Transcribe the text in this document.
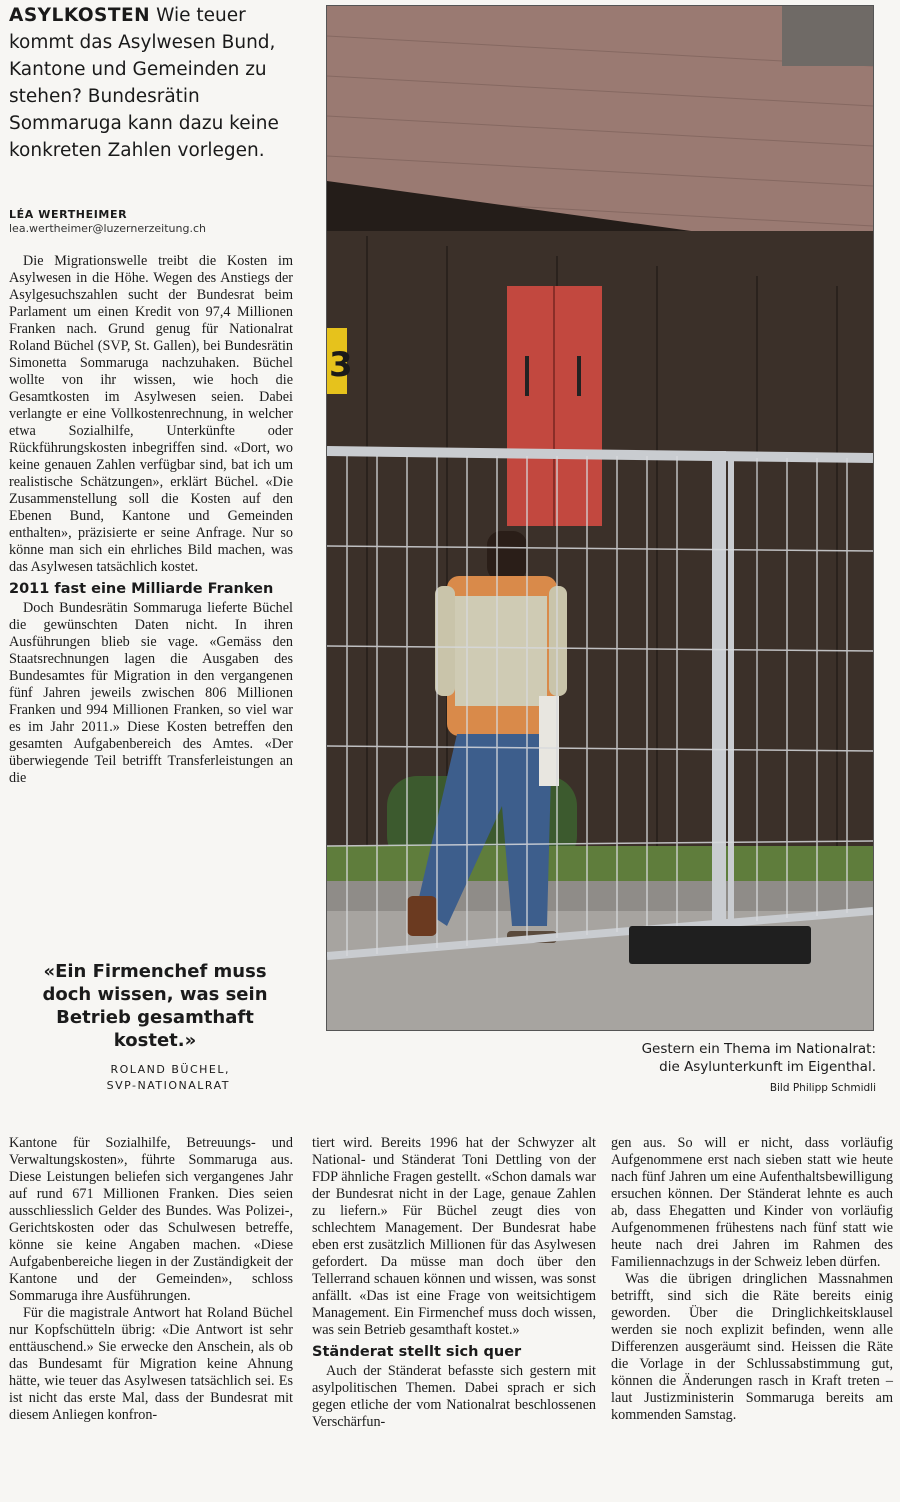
ASYLKOSTEN Wie teuer kommt das Asylwesen Bund, Kantone und Gemeinden zu stehen? Bundesrätin Sommaruga kann dazu keine konkreten Zahlen vorlegen.
LÉA WERTHEIMER
lea.wertheimer@luzernerzeitung.ch

Die Migrationswelle treibt die Kosten im Asylwesen in die Höhe. Wegen des Anstiegs der Asylgesuchszahlen sucht der Bundesrat beim Parlament um einen Kredit von 97,4 Millionen Franken nach. Grund genug für Nationalrat Roland Büchel (SVP, St. Gallen), bei Bundesrätin Simonetta Sommaruga nachzuhaken. Büchel wollte von ihr wissen, wie hoch die Gesamtkosten im Asylwesen seien. Dabei verlangte er eine Vollkostenrechnung, in welcher etwa Sozialhilfe, Unterkünfte oder Rückführungskosten inbegriffen sind. «Dort, wo keine genauen Zahlen verfügbar sind, bat ich um realistische Schätzungen», erklärt Büchel. «Die Zusammenstellung soll die Kosten auf den Ebenen Bund, Kantone und Gemeinden enthalten», präzisierte er seine Anfrage. Nur so könne man sich ein ehrliches Bild machen, was das Asylwesen tatsächlich kostet.

2011 fast eine Milliarde Franken

Doch Bundesrätin Sommaruga lieferte Büchel die gewünschten Daten nicht. In ihren Ausführungen blieb sie vage. «Gemäss den Staatsrechnungen lagen die Ausgaben des Bundesamtes für Migration in den vergangenen fünf Jahren jeweils zwischen 806 Millionen Franken und 994 Millionen Franken, so viel war es im Jahr 2011.» Diese Kosten betreffen den gesamten Aufgabenbereich des Amtes. «Der überwiegende Teil betrifft Transferleistungen an die

«Ein Firmenchef muss doch wissen, was sein Betrieb gesamthaft kostet.»

ROLAND BÜCHEL,

SVP-NATIONALRAT

3
Gestern ein Thema im Nationalrat:
die Asylunterkunft im Eigenthal.
Bild Philipp Schmidli

Kantone für Sozialhilfe, Betreuungs- und Verwaltungskosten», führte Sommaruga aus. Diese Leistungen beliefen sich vergangenes Jahr auf rund 671 Millionen Franken. Dies seien ausschliesslich Gelder des Bundes. Was Polizei-, Gerichtskosten oder das Schulwesen betreffe, könne sie keine Angaben machen. «Diese Aufgabenbereiche liegen in der Zuständigkeit der Kantone und der Gemeinden», schloss Sommaruga ihre Ausführungen.

Für die magistrale Antwort hat Roland Büchel nur Kopfschütteln übrig: «Die Antwort ist sehr enttäuschend.» Sie erwecke den Anschein, als ob das Bundesamt für Migration keine Ahnung hätte, wie teuer das Asylwesen tatsächlich sei. Es ist nicht das erste Mal, dass der Bundesrat mit diesem Anliegen konfron-

tiert wird. Bereits 1996 hat der Schwyzer alt National- und Ständerat Toni Dettling von der FDP ähnliche Fragen gestellt. «Schon damals war der Bundesrat nicht in der Lage, genaue Zahlen zu liefern.» Für Büchel zeugt dies von schlechtem Management. Der Bundesrat habe eben erst zusätzlich Millionen für das Asylwesen gefordert. Da müsse man doch über den Tellerrand schauen können und wissen, was sonst anfällt. «Das ist eine Frage von weitsichtigem Management. Ein Firmenchef muss doch wissen, was sein Betrieb gesamthaft kostet.»

Ständerat stellt sich quer

Auch der Ständerat befasste sich gestern mit asylpolitischen Themen. Dabei sprach er sich gegen etliche der vom Nationalrat beschlossenen Verschärfun-

gen aus. So will er nicht, dass vorläufig Aufgenommene erst nach sieben statt wie heute nach fünf Jahren um eine Aufenthaltsbewilligung ersuchen können. Der Ständerat lehnte es auch ab, dass Ehegatten und Kinder von vorläufig Aufgenommenen frühestens nach fünf statt wie heute nach drei Jahren im Rahmen des Familiennachzugs in der Schweiz leben dürfen.

Was die übrigen dringlichen Massnahmen betrifft, sind sich die Räte bereits einig geworden. Über die Dringlichkeitsklausel werden sie noch explizit befinden, wenn alle Differenzen ausgeräumt sind. Heissen die Räte die Vorlage in der Schlussabstimmung gut, können die Änderungen rasch in Kraft treten – laut Justizministerin Sommaruga bereits am kommenden Samstag.
